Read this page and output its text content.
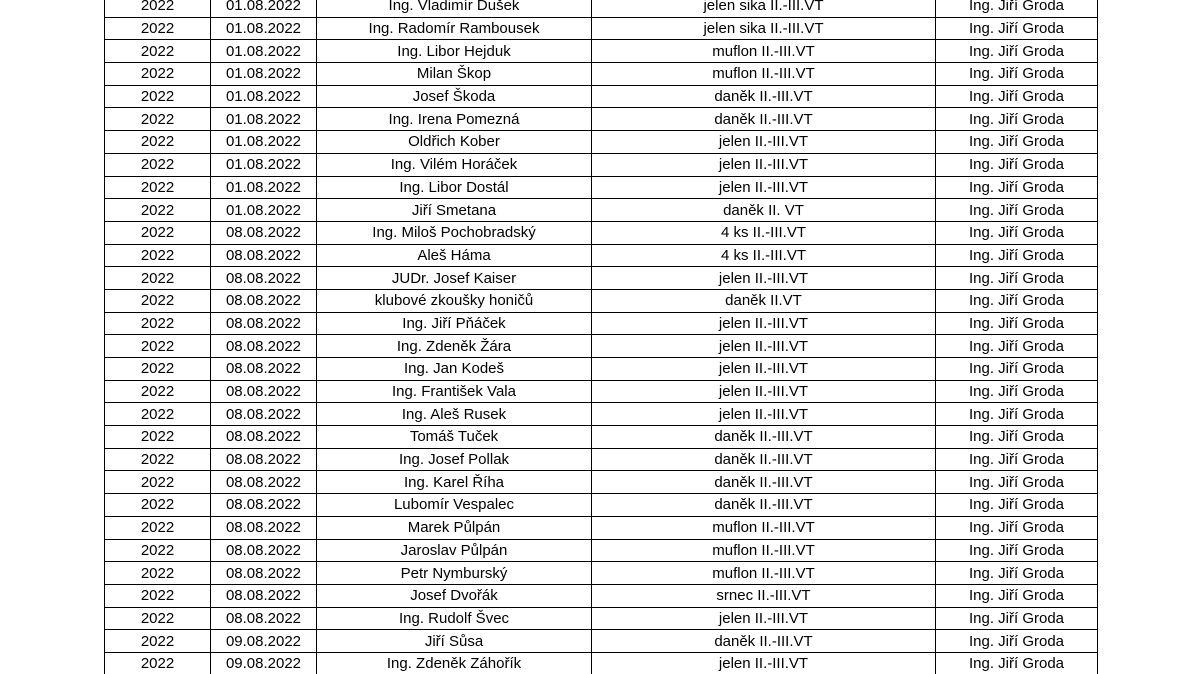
2022	01.08.2022	Ing. Vladimír Dušek	jelen sika II.-III.VT	Ing. Jiří Groda
2022	01.08.2022	Ing. Radomír Rambousek	jelen sika II.-III.VT	Ing. Jiří Groda
2022	01.08.2022	Ing. Libor Hejduk	muflon II.-III.VT	Ing. Jiří Groda
2022	01.08.2022	Milan Škop	muflon II.-III.VT	Ing. Jiří Groda
2022	01.08.2022	Josef Škoda	daněk II.-III.VT	Ing. Jiří Groda
2022	01.08.2022	Ing. Irena Pomezná	daněk II.-III.VT	Ing. Jiří Groda
2022	01.08.2022	Oldřich Kober	jelen II.-III.VT	Ing. Jiří Groda
2022	01.08.2022	Ing. Vilém Horáček	jelen II.-III.VT	Ing. Jiří Groda
2022	01.08.2022	Ing. Libor Dostál	jelen II.-III.VT	Ing. Jiří Groda
2022	01.08.2022	Jiří Smetana	daněk II. VT	Ing. Jiří Groda
2022	08.08.2022	Ing. Miloš Pochobradský	4 ks II.-III.VT	Ing. Jiří Groda
2022	08.08.2022	Aleš Háma	4 ks II.-III.VT	Ing. Jiří Groda
2022	08.08.2022	JUDr. Josef Kaiser	jelen II.-III.VT	Ing. Jiří Groda
2022	08.08.2022	klubové zkoušky honičů	daněk II.VT	Ing. Jiří Groda
2022	08.08.2022	Ing. Jiří Pňáček	jelen II.-III.VT	Ing. Jiří Groda
2022	08.08.2022	Ing. Zdeněk Žára	jelen II.-III.VT	Ing. Jiří Groda
2022	08.08.2022	Ing. Jan Kodeš	jelen II.-III.VT	Ing. Jiří Groda
2022	08.08.2022	Ing. František Vala	jelen II.-III.VT	Ing. Jiří Groda
2022	08.08.2022	Ing. Aleš Rusek	jelen II.-III.VT	Ing. Jiří Groda
2022	08.08.2022	Tomáš Tuček	daněk II.-III.VT	Ing. Jiří Groda
2022	08.08.2022	Ing. Josef Pollak	daněk II.-III.VT	Ing. Jiří Groda
2022	08.08.2022	Ing. Karel Říha	daněk II.-III.VT	Ing. Jiří Groda
2022	08.08.2022	Lubomír Vespalec	daněk II.-III.VT	Ing. Jiří Groda
2022	08.08.2022	Marek Půlpán	muflon II.-III.VT	Ing. Jiří Groda
2022	08.08.2022	Jaroslav Půlpán	muflon II.-III.VT	Ing. Jiří Groda
2022	08.08.2022	Petr Nymburský	muflon II.-III.VT	Ing. Jiří Groda
2022	08.08.2022	Josef Dvořák	srnec II.-III.VT	Ing. Jiří Groda
2022	08.08.2022	Ing. Rudolf Švec	jelen II.-III.VT	Ing. Jiří Groda
2022	09.08.2022	Jiří Sůsa	daněk II.-III.VT	Ing. Jiří Groda
2022	09.08.2022	Ing. Zdeněk Záhořík	jelen II.-III.VT	Ing. Jiří Groda
